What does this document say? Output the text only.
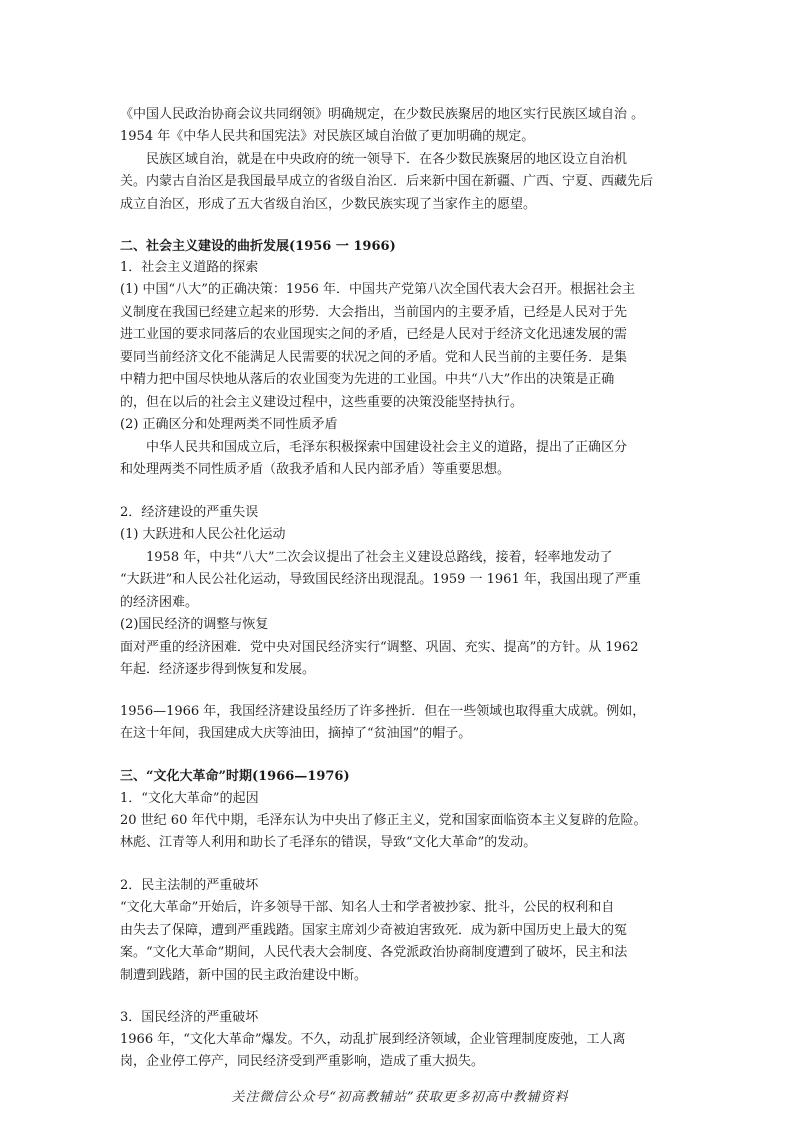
《中国人民政治协商会议共同纲领》明确规定，在少数民族聚居的地区实行民族区域自治 。
1954 年《中华人民共和国宪法》对民族区域自治做了更加明确的规定。
　　民族区域自治，就是在中央政府的统一领导下．在各少数民族聚居的地区设立自治机
关。内蒙古自治区是我国最早成立的省级自治区．后来新中国在新疆、广西、宁夏、西藏先后
成立自治区，形成了五大省级自治区，少数民族实现了当家作主的愿望。
二、社会主义建设的曲折发展(1956 一 1966)
1．社会主义道路的探索
(1) 中国“八大”的正确决策：1956 年．中国共产党第八次全国代表大会召开。根据社会主
义制度在我国已经建立起来的形势．大会指出，当前国内的主要矛盾，已经是人民对于先
进工业国的要求同落后的农业国现实之间的矛盾，已经是人民对于经济文化迅速发展的需
要同当前经济文化不能满足人民需要的状况之间的矛盾。党和人民当前的主要任务．是集
中精力把中国尽快地从落后的农业国变为先进的工业国。中共“八大”作出的决策是正确
的，但在以后的社会主义建设过程中，这些重要的决策没能坚持执行。
(2) 正确区分和处理两类不同性质矛盾
　　中华人民共和国成立后，毛泽东积极探索中国建设社会主义的道路，提出了正确区分
和处理两类不同性质矛盾（敌我矛盾和人民内部矛盾）等重要思想。
2．经济建设的严重失误
(1) 大跃进和人民公社化运动
　　1958 年，中共“八大”二次会议提出了社会主义建设总路线，接着，轻率地发动了
“大跃进”和人民公社化运动，导致国民经济出现混乱。1959 一 1961 年，我国出现了严重
的经济困难。
(2)国民经济的调整与恢复
面对严重的经济困难．党中央对国民经济实行“调整、巩固、充实、提高”的方针。从 1962
年起．经济逐步得到恢复和发展。
1956—1966 年，我国经济建设虽经历了许多挫折．但在一些领域也取得重大成就。例如，
在这十年间，我国建成大庆等油田，摘掉了“贫油国”的帽子。
三、“文化大革命”时期(1966—1976)
1．“文化大革命”的起因
20 世纪 60 年代中期，毛泽东认为中央出了修正主义，党和国家面临资本主义复辟的危险。
林彪、江青等人利用和助长了毛泽东的错误，导致“文化大革命”的发动。
2．民主法制的严重破坏
“文化大革命”开始后，许多领导干部、知名人士和学者被抄家、批斗，公民的权利和自
由失去了保障，遭到严重践踏。国家主席刘少奇被迫害致死．成为新中国历史上最大的冤
案。“文化大革命”期间，人民代表大会制度、各党派政治协商制度遭到了破坏，民主和法
制遭到践踏，新中国的民主政治建设中断。
3．国民经济的严重破坏
1966 年，“文化大革命”爆发。不久，动乱扩展到经济领域，企业管理制度废弛，工人离
岗，企业停工停产，同民经济受到严重影响，造成了重大损失。
关注微信公众号“初高教辅站”获取更多初高中教辅资料
